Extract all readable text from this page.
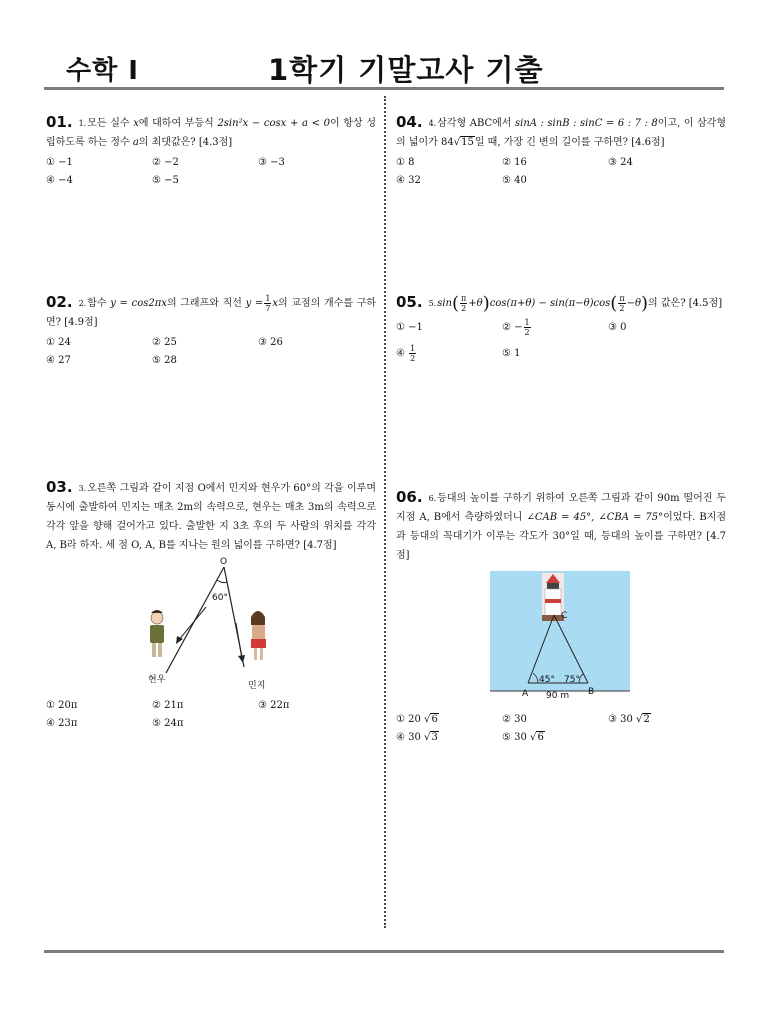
수학 Ⅰ	1학기 기말고사 기출
01. 1.모든 실수 x에 대하여 부등식 2sin²x − cosx + a < 0이 항상 성립하도록 하는 정수 a의 최댓값은? [4.3점]
① −1	② −2	③ −3
④ −4	⑤ −5
02. 2.함수 y = cos2πx의 그래프와 직선 $y = \frac{1}{7}$ x의 교점의 개수를 구하면? [4.9점]
① 24	② 25	③ 26
④ 27	⑤ 28
03. 3.오른쪽 그림과 같이 지점 O에서 민지와 현우가 60°의 각을 이루며 동시에 출발하여 민지는 매초 2m의 속력으로, 현우는 매초 3m의 속력으로 각각 앞을 향해 걸어가고 있다. 출발한 지 3초 후의 두 사람의 위치를 각각 A, B라 하자. 세 점 O, A, B를 지나는 원의 넓이를 구하면? [4.7점]
O
60°
현우
민지
① 20π	② 21π	③ 22π
④ 23π	⑤ 24π
04. 4.삼각형 ABC에서 sinA : sinB : sinC = 6 : 7 : 8이고, 이 삼각형의 넓이가 84√15일 때, 가장 긴 변의 길이를 구하면? [4.6점]
① 8	② 16	③ 24
④ 32	⑤ 40
05. $5.\sin( \frac{\pi}{2} +\theta)\cos(\pi+\theta) - \sin(\pi-\theta)\cos( \frac{\pi}{2} -\theta)$의 값은? [4.5점]
① −1	② − $\frac{1}{2}$	③ 0
④ $\frac{1}{2}$	⑤ 1
06. 6.등대의 높이를 구하기 위하여 오른쪽 그림과 같이 90m 떨어진 두 지점 A, B에서 측량하였더니 ∠CAB = 45°, ∠CBA = 75°이었다. B지점과 등대의 꼭대기가 이루는 각도가 30°일 때, 등대의 높이를 구하면? [4.7점]
C
45° 75°
A	B
90 m
① 20 √6	② 30	③ 30 √2
④ 30 √3	⑤ 30 √6
